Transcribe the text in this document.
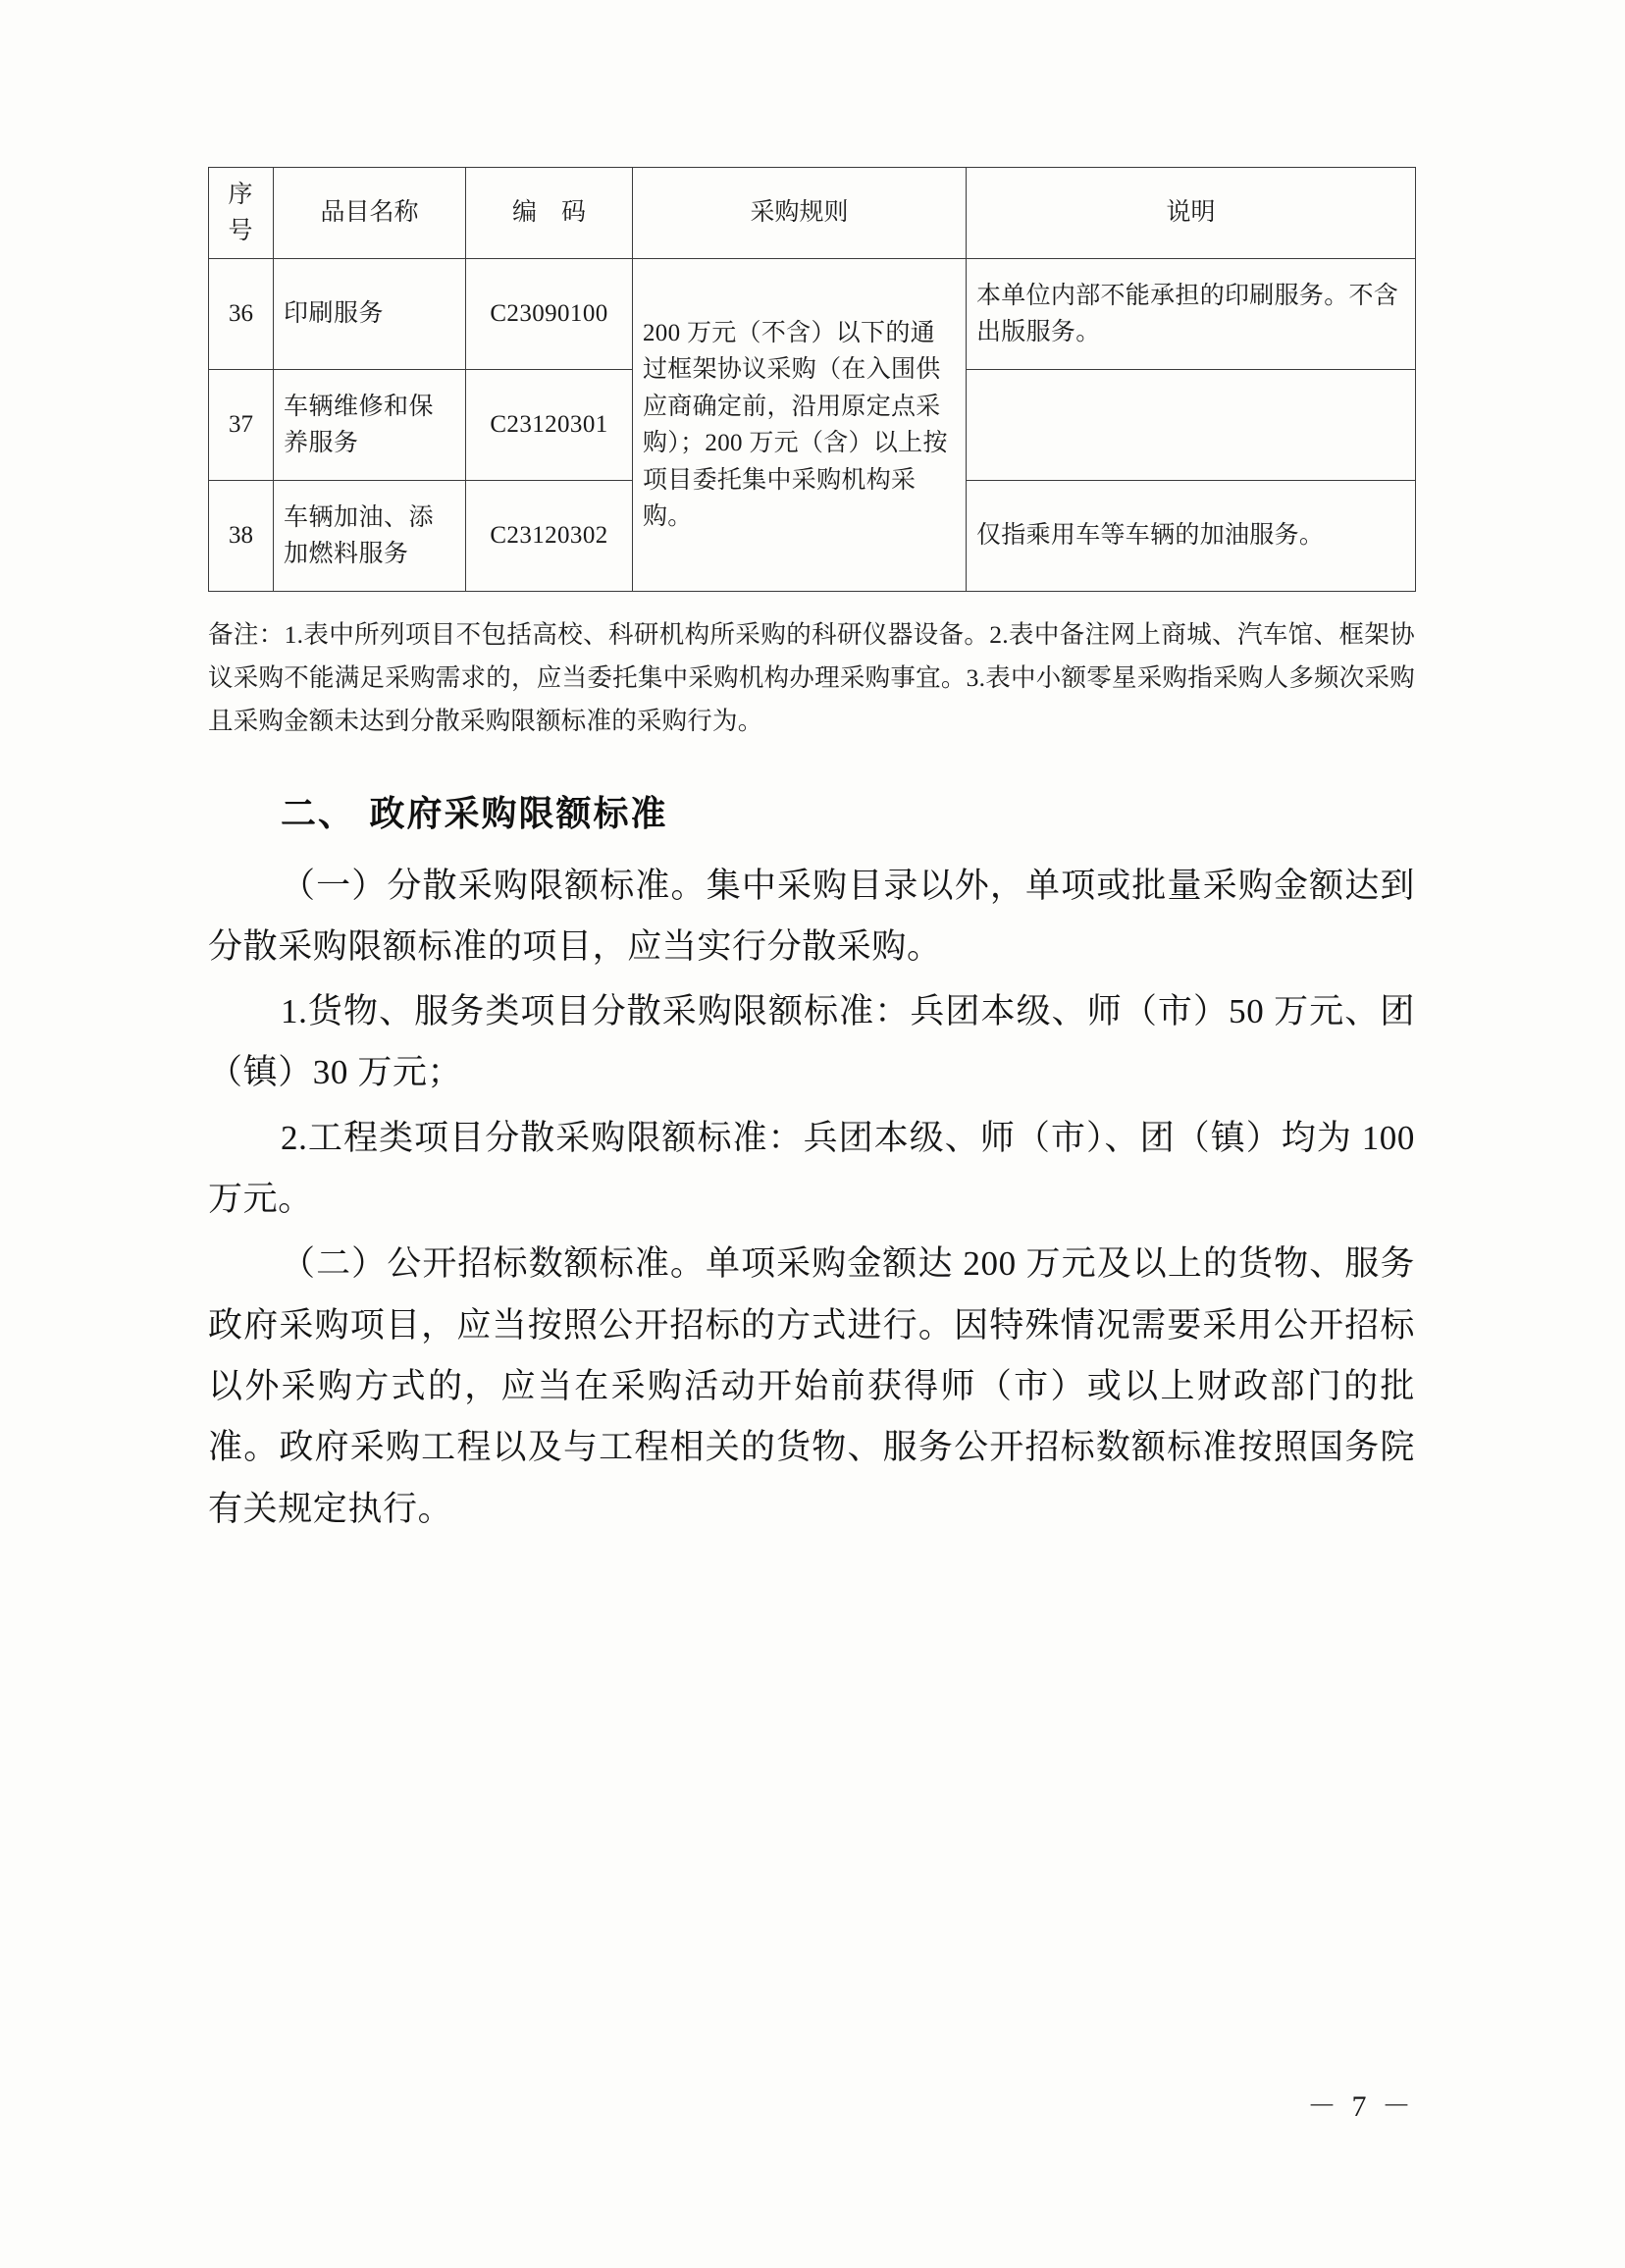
序
号	品目名称	编　码	采购规则	说明
36	印刷服务	C23090100	200 万元（不含）以下的通过框架协议采购（在入围供应商确定前，沿用原定点采购）；200 万元（含）以上按项目委托集中采购机构采购。	本单位内部不能承担的印刷服务。不含出版服务。
37	车辆维修和保养服务	C23120301		
38	车辆加油、添加燃料服务	C23120302		仅指乘用车等车辆的加油服务。
备注：1.表中所列项目不包括高校、科研机构所采购的科研仪器设备。2.表中备注网上商城、汽车馆、框架协议采购不能满足采购需求的，应当委托集中采购机构办理采购事宜。3.表中小额零星采购指采购人多频次采购且采购金额未达到分散采购限额标准的采购行为。
二、 政府采购限额标准

（一）分散采购限额标准。集中采购目录以外，单项或批量采购金额达到分散采购限额标准的项目，应当实行分散采购。

1.货物、服务类项目分散采购限额标准：兵团本级、师（市）50 万元、团（镇）30 万元；

2.工程类项目分散采购限额标准：兵团本级、师（市）、团（镇）均为 100 万元。

（二）公开招标数额标准。单项采购金额达 200 万元及以上的货物、服务政府采购项目，应当按照公开招标的方式进行。因特殊情况需要采用公开招标以外采购方式的，应当在采购活动开始前获得师（市）或以上财政部门的批准。政府采购工程以及与工程相关的货物、服务公开招标数额标准按照国务院有关规定执行。

－ 7 －
